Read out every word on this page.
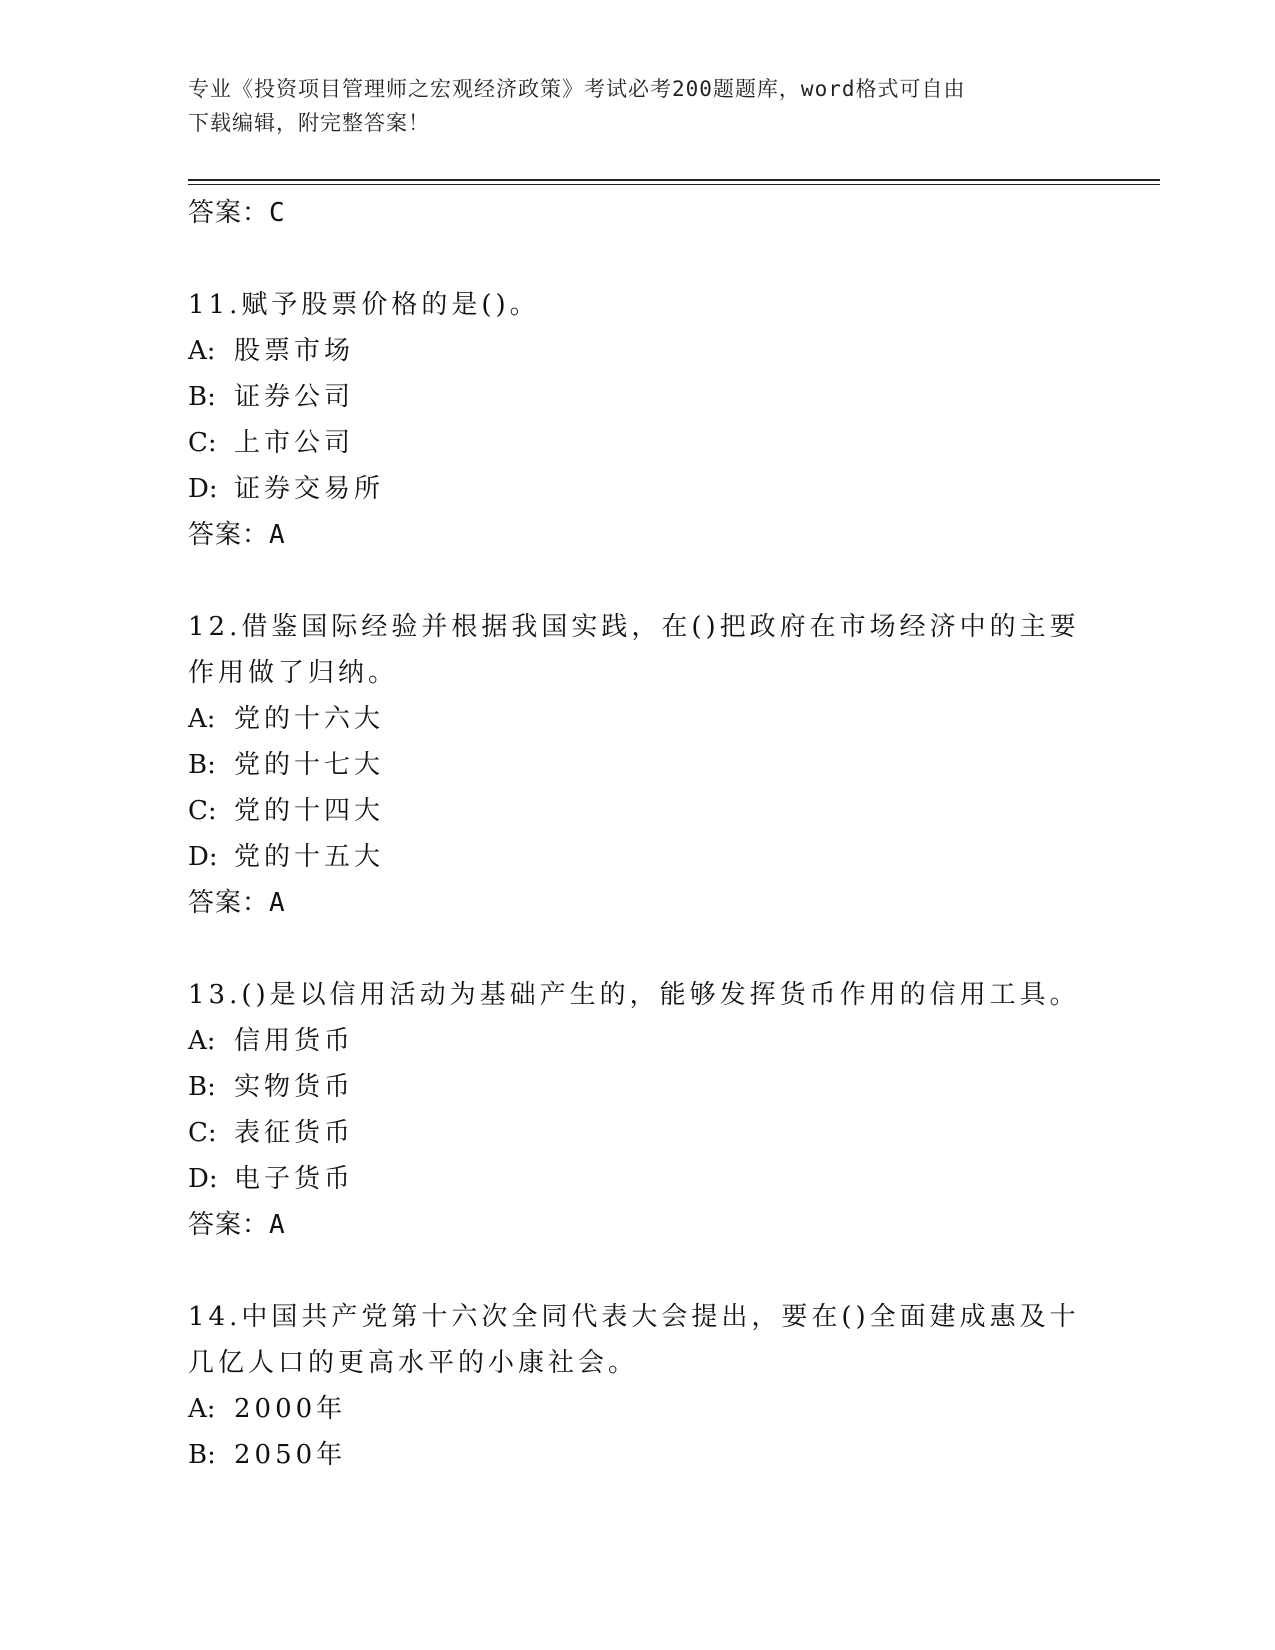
专业《投资项目管理师之宏观经济政策》考试必考200题题库，word格式可自由
下载编辑，附完整答案！

答案：C

11.赋予股票价格的是()。

A: 股票市场

B: 证券公司

C: 上市公司

D: 证券交易所

答案：A

12.借鉴国际经验并根据我国实践，在()把政府在市场经济中的主要作用做了归纳。

A: 党的十六大

B: 党的十七大

C: 党的十四大

D: 党的十五大

答案：A

13.()是以信用活动为基础产生的，能够发挥货币作用的信用工具。

A: 信用货币

B: 实物货币

C: 表征货币

D: 电子货币

答案：A

14.中国共产党第十六次全同代表大会提出，要在()全面建成惠及十几亿人口的更高水平的小康社会。

A: 2000年

B: 2050年
